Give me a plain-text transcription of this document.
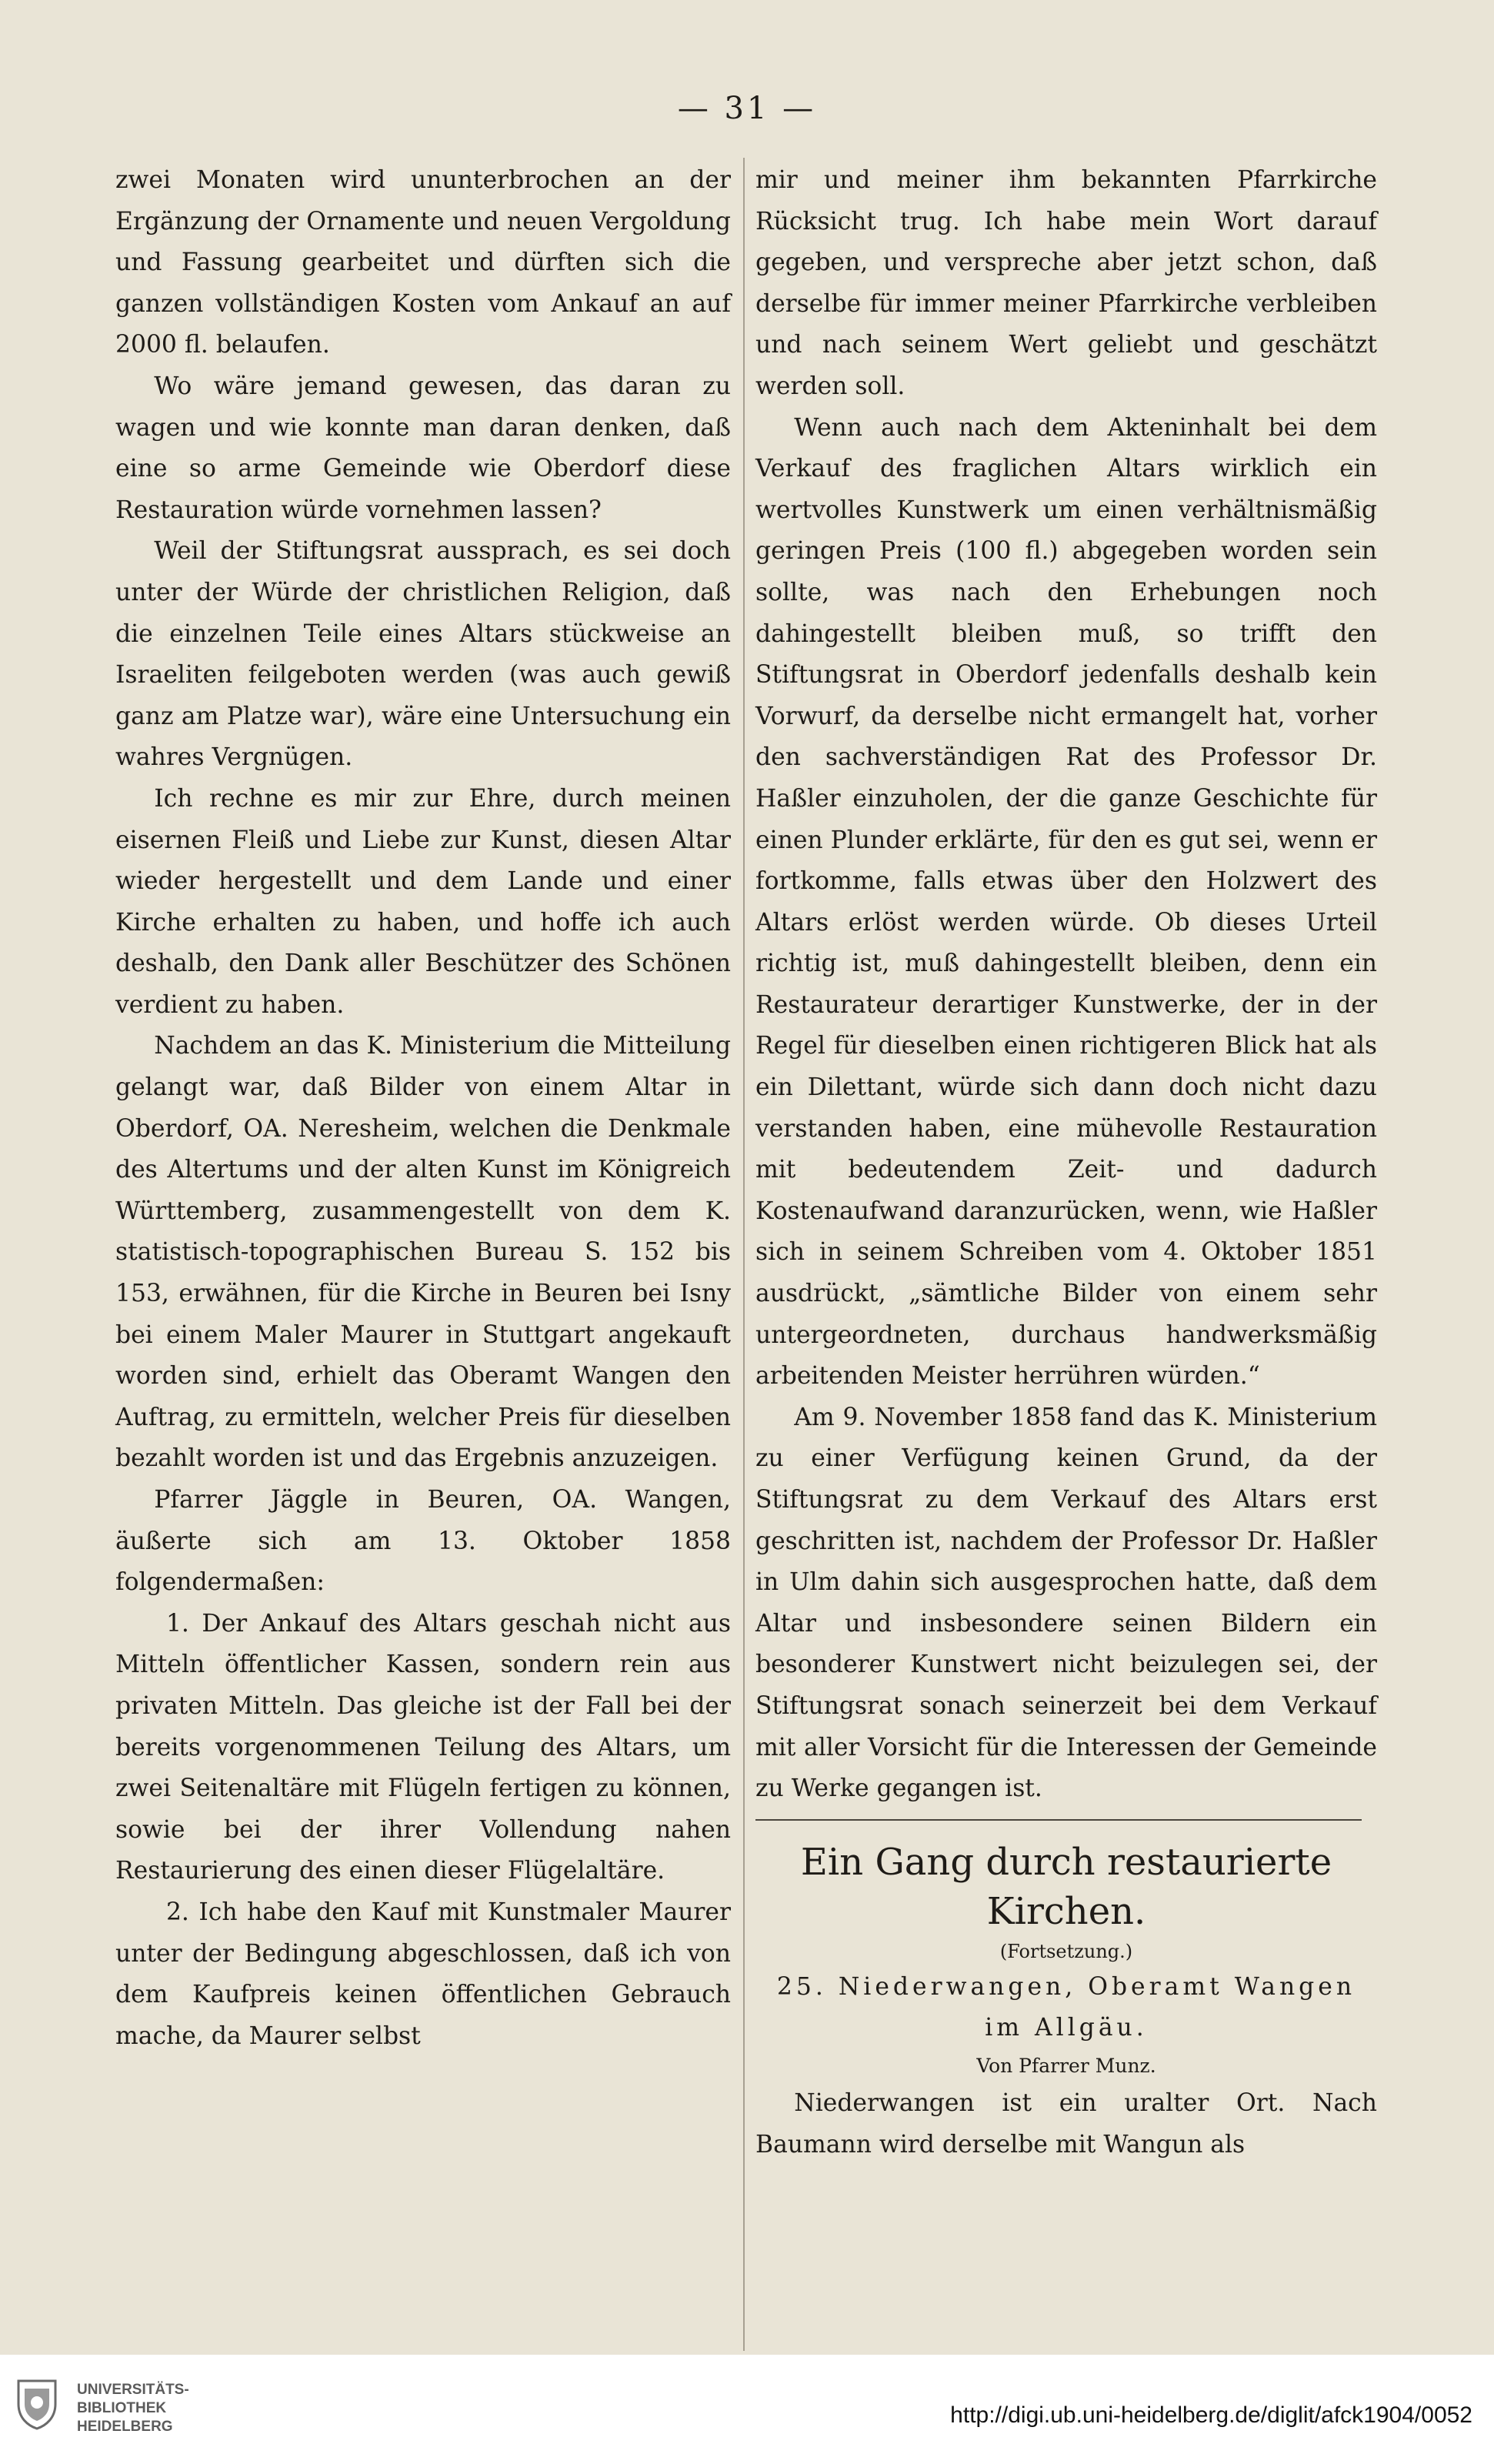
— 31 —

zwei Monaten wird ununterbrochen an der Ergänzung der Ornamente und neuen Vergoldung und Fassung gearbeitet und dürften sich die ganzen vollständigen Kosten vom Ankauf an auf 2000 fl. belaufen.

Wo wäre jemand gewesen, das daran zu wagen und wie konnte man daran denken, daß eine so arme Gemeinde wie Oberdorf diese Restauration würde vornehmen lassen?

Weil der Stiftungsrat aussprach, es sei doch unter der Würde der christlichen Religion, daß die einzelnen Teile eines Altars stückweise an Israeliten feilgeboten werden (was auch gewiß ganz am Platze war), wäre eine Untersuchung ein wahres Vergnügen.

Ich rechne es mir zur Ehre, durch meinen eisernen Fleiß und Liebe zur Kunst, diesen Altar wieder hergestellt und dem Lande und einer Kirche erhalten zu haben, und hoffe ich auch deshalb, den Dank aller Beschützer des Schönen verdient zu haben.

Nachdem an das K. Ministerium die Mitteilung gelangt war, daß Bilder von einem Altar in Oberdorf, OA. Neresheim, welchen die Denkmale des Altertums und der alten Kunst im Königreich Württemberg, zusammengestellt von dem K. statistisch-topographischen Bureau S. 152 bis 153, erwähnen, für die Kirche in Beuren bei Isny bei einem Maler Maurer in Stuttgart angekauft worden sind, erhielt das Oberamt Wangen den Auftrag, zu ermitteln, welcher Preis für dieselben bezahlt worden ist und das Ergebnis anzuzeigen.

Pfarrer Jäggle in Beuren, OA. Wangen, äußerte sich am 13. Oktober 1858 folgendermaßen:

1. Der Ankauf des Altars geschah nicht aus Mitteln öffentlicher Kassen, sondern rein aus privaten Mitteln. Das gleiche ist der Fall bei der bereits vorgenommenen Teilung des Altars, um zwei Seitenaltäre mit Flügeln fertigen zu können, sowie bei der ihrer Vollendung nahen Restaurierung des einen dieser Flügelaltäre.

2. Ich habe den Kauf mit Kunstmaler Maurer unter der Bedingung abgeschlossen, daß ich von dem Kaufpreis keinen öffentlichen Gebrauch mache, da Maurer selbst

mir und meiner ihm bekannten Pfarrkirche Rücksicht trug. Ich habe mein Wort darauf gegeben, und verspreche aber jetzt schon, daß derselbe für immer meiner Pfarrkirche verbleiben und nach seinem Wert geliebt und geschätzt werden soll.

Wenn auch nach dem Akteninhalt bei dem Verkauf des fraglichen Altars wirklich ein wertvolles Kunstwerk um einen verhältnismäßig geringen Preis (100 fl.) abgegeben worden sein sollte, was nach den Erhebungen noch dahingestellt bleiben muß, so trifft den Stiftungsrat in Oberdorf jedenfalls deshalb kein Vorwurf, da derselbe nicht ermangelt hat, vorher den sachverständigen Rat des Professor Dr. Haßler einzuholen, der die ganze Geschichte für einen Plunder erklärte, für den es gut sei, wenn er fortkomme, falls etwas über den Holzwert des Altars erlöst werden würde. Ob dieses Urteil richtig ist, muß dahingestellt bleiben, denn ein Restaurateur derartiger Kunstwerke, der in der Regel für dieselben einen richtigeren Blick hat als ein Dilettant, würde sich dann doch nicht dazu verstanden haben, eine mühevolle Restauration mit bedeutendem Zeit- und dadurch Kostenaufwand daranzurücken, wenn, wie Haßler sich in seinem Schreiben vom 4. Oktober 1851 ausdrückt, „sämtliche Bilder von einem sehr untergeordneten, durchaus handwerksmäßig arbeitenden Meister herrühren würden.“

Am 9. November 1858 fand das K. Ministerium zu einer Verfügung keinen Grund, da der Stiftungsrat zu dem Verkauf des Altars erst geschritten ist, nachdem der Professor Dr. Haßler in Ulm dahin sich ausgesprochen hatte, daß dem Altar und insbesondere seinen Bildern ein besonderer Kunstwert nicht beizulegen sei, der Stiftungsrat sonach seinerzeit bei dem Verkauf mit aller Vorsicht für die Interessen der Gemeinde zu Werke gegangen ist.

Ein Gang durch restaurierte Kirchen.

(Fortsetzung.)

25. Niederwangen, Oberamt Wangen im Allgäu.

Von Pfarrer Munz.

Niederwangen ist ein uralter Ort. Nach Baumann wird derselbe mit Wangun als

UNIVERSITÄTS-
BIBLIOTHEK
HEIDELBERG	http://digi.ub.uni-heidelberg.de/diglit/afck1904/0052
